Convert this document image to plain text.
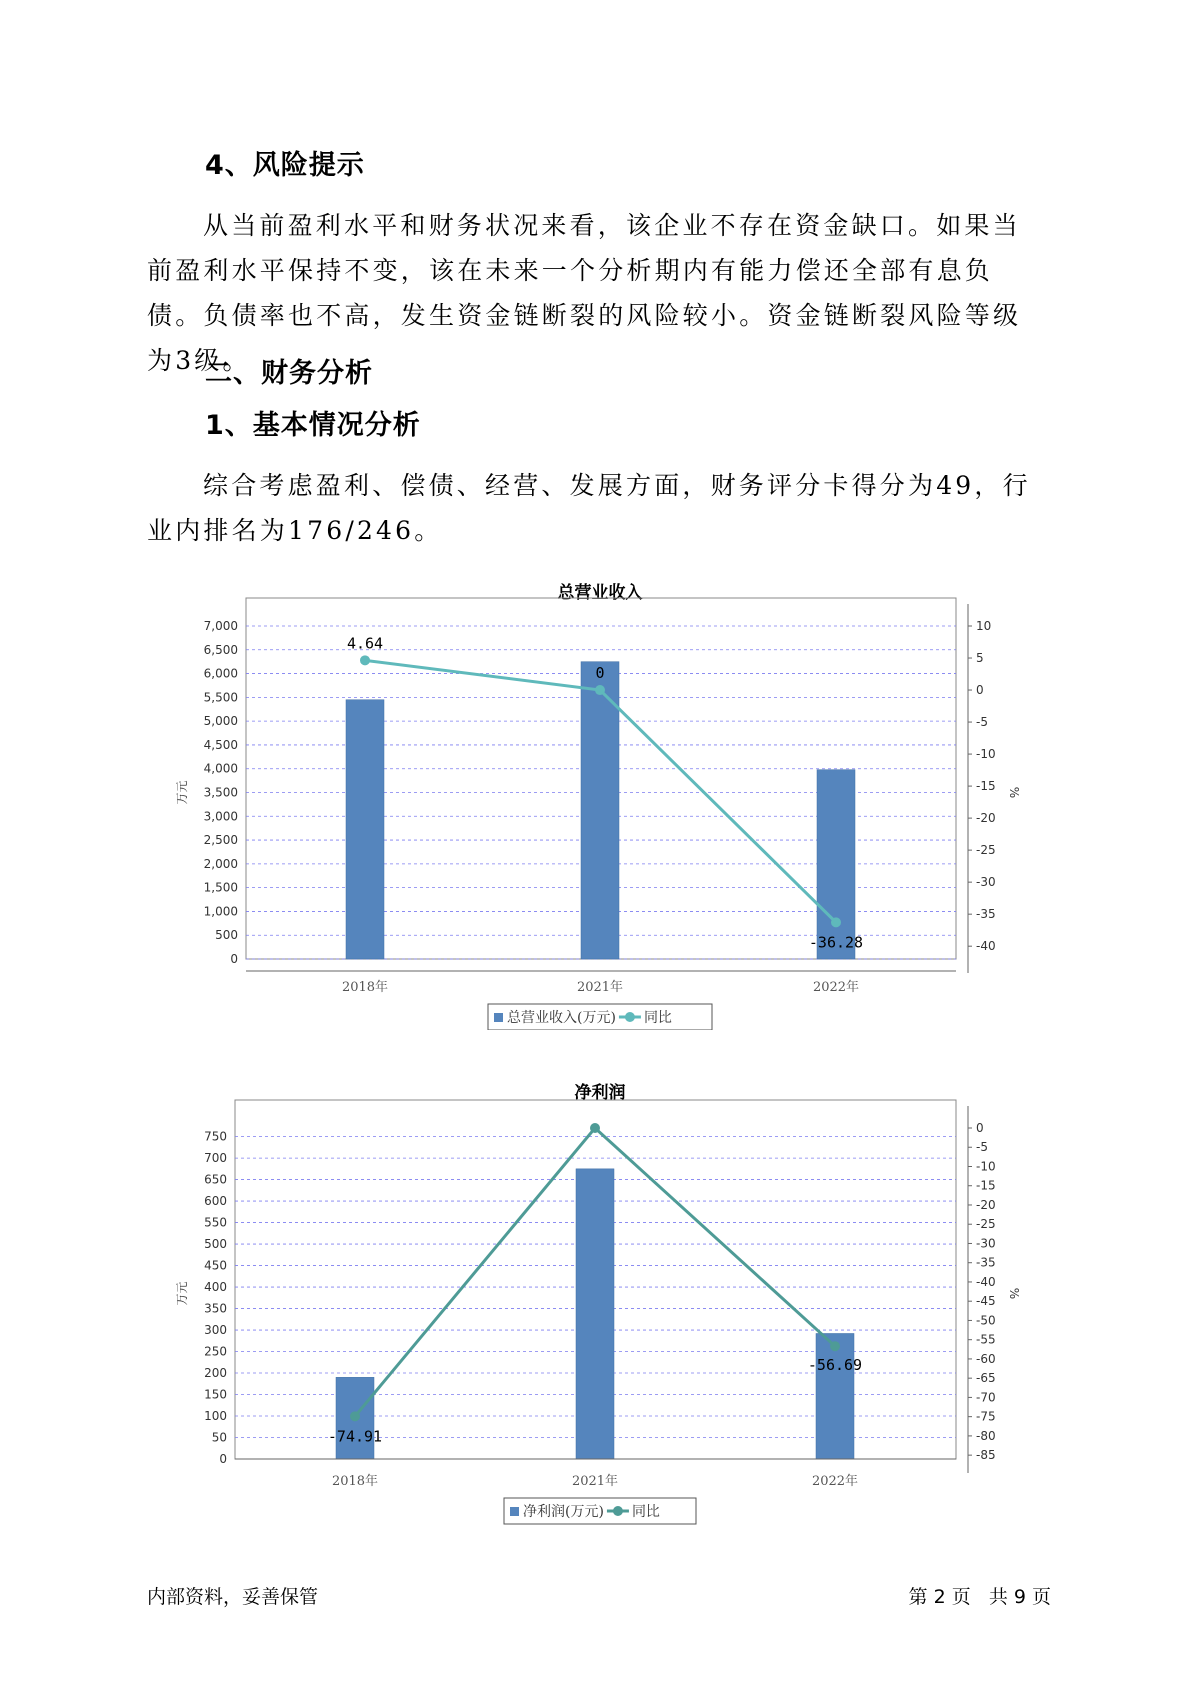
4、风险提示

从当前盈利水平和财务状况来看，该企业不存在资金缺口。如果当前盈利水平保持不变，该在未来一个分析期内有能力偿还全部有息负债。负债率也不高，发生资金链断裂的风险较小。资金链断裂风险等级为3级。

二、财务分析
1、基本情况分析

综合考虑盈利、偿债、经营、发展方面，财务评分卡得分为49，行业内排名为176/246。

总营业收入
0
500
1,000
1,500
2,000
2,500
3,000
3,500
4,000
4,500
5,000
5,500
6,000
6,500
7,000	10
5
0
-5
-10
-15
-20
-25
-30
-35
-40
万元	%
2018年	2021年	2022年
4.64
0
-36.28
总营业收入(万元) 同比
净利润
0
50
100
150
200
250
300
350
400
450
500
550
600
650
700
750
0
-5
-10
-15
-20
-25
-30
-35
-40
-45
-50
-55
-60
-65
-70
-75
-80
-85
万元	%
2018年	2021年	2022年
-74.91
-56.69
净利润(万元) 同比

内部资料，妥善保管	第 2 页   共 9 页
